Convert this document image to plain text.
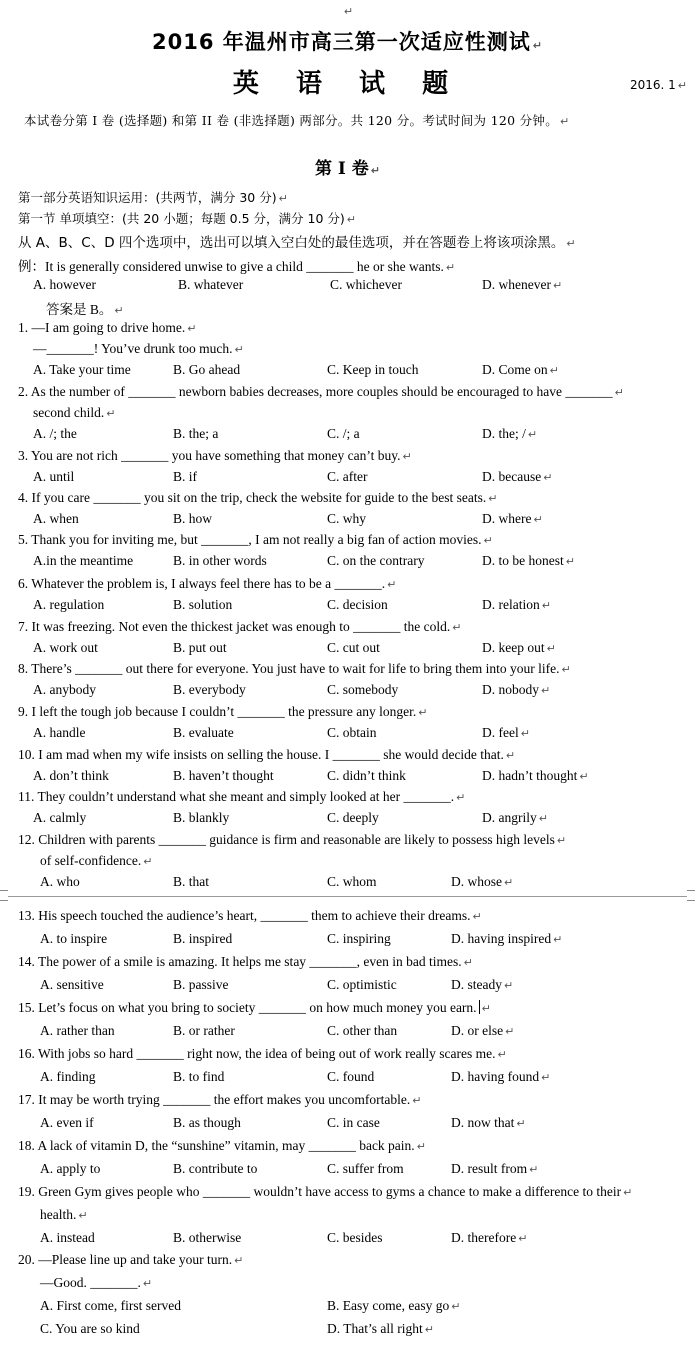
↵
2016 年温州市高三第一次适应性测试 ↵
英 语 试 题	2016. 1 ↵
本试卷分第 I 卷 (选择题) 和第 II 卷 (非选择题) 两部分。共 120 分。考试时间为 120 分钟。 ↵
第 I 卷 ↵
第一部分英语知识运用：(共两节，满分 30 分) ↵
第一节 单项填空：(共 20 小题；每题 0.5 分，满分 10 分) ↵
从 A、B、C、D 四个选项中，选出可以填入空白处的最佳选项，并在答题卷上将该项涂黑。 ↵
例：It is generally considered unwise to give a child _______ he or she wants. ↵
A. however	B. whatever	C. whichever	D. whenever ↵
答案是 B。 ↵
1. —I am going to drive home. ↵
—_______! You’ve drunk too much. ↵
A. Take your time	B. Go ahead	C. Keep in touch	D. Come on ↵
2. As the number of _______ newborn babies decreases, more couples should be encouraged to have _______ ↵
second child. ↵
A. /; the	B. the; a	C. /; a	D. the; / ↵
3. You are not rich _______ you have something that money can’t buy. ↵
A. until	B. if	C. after	D. because ↵
4. If you care _______ you sit on the trip, check the website for guide to the best seats. ↵
A. when	B. how	C. why	D. where ↵
5. Thank you for inviting me, but _______, I am not really a big fan of action movies. ↵
A.in the meantime	B. in other words	C. on the contrary	D. to be honest ↵
6. Whatever the problem is, I always feel there has to be a _______. ↵
A. regulation	B. solution	C. decision	D. relation ↵
7. It was freezing. Not even the thickest jacket was enough to _______ the cold. ↵
A. work out	B. put out	C. cut out	D. keep out ↵
8. There’s _______ out there for everyone. You just have to wait for life to bring them into your life. ↵
A. anybody	B. everybody	C. somebody	D. nobody ↵
9. I left the tough job because I couldn’t _______ the pressure any longer. ↵
A. handle	B. evaluate	C. obtain	D. feel ↵
10. I am mad when my wife insists on selling the house. I _______ she would decide that. ↵
A. don’t think	B. haven’t thought	C. didn’t think	D. hadn’t thought ↵
11. They couldn’t understand what she meant and simply looked at her _______. ↵
A. calmly	B. blankly	C. deeply	D. angrily ↵
12. Children with parents _______ guidance is firm and reasonable are likely to possess high levels ↵
of self-confidence. ↵
A. who	B. that	C. whom	D. whose ↵
13. His speech touched the audience’s heart, _______ them to achieve their dreams. ↵
A. to inspire	B. inspired	C. inspiring	D. having inspired ↵
14. The power of a smile is amazing. It helps me stay _______, even in bad times. ↵
A. sensitive	B. passive	C. optimistic	D. steady ↵
15. Let’s focus on what you bring to society _______ on how much money you earn. ↵
A. rather than	B. or rather	C. other than	D. or else ↵
16. With jobs so hard _______ right now, the idea of being out of work really scares me. ↵
A. finding	B. to find	C. found	D. having found ↵
17. It may be worth trying _______ the effort makes you uncomfortable. ↵
A. even if	B. as though	C. in case	D. now that ↵
18. A lack of vitamin D, the “sunshine” vitamin, may _______ back pain. ↵
A. apply to	B. contribute to	C. suffer from	D. result from ↵
19. Green Gym gives people who _______ wouldn’t have access to gyms a chance to make a difference to their ↵
health. ↵
A. instead	B. otherwise	C. besides	D. therefore ↵
20. —Please line up and take your turn. ↵
—Good. _______. ↵
A. First come, first served	B. Easy come, easy go ↵
C. You are so kind	D. That’s all right ↵
